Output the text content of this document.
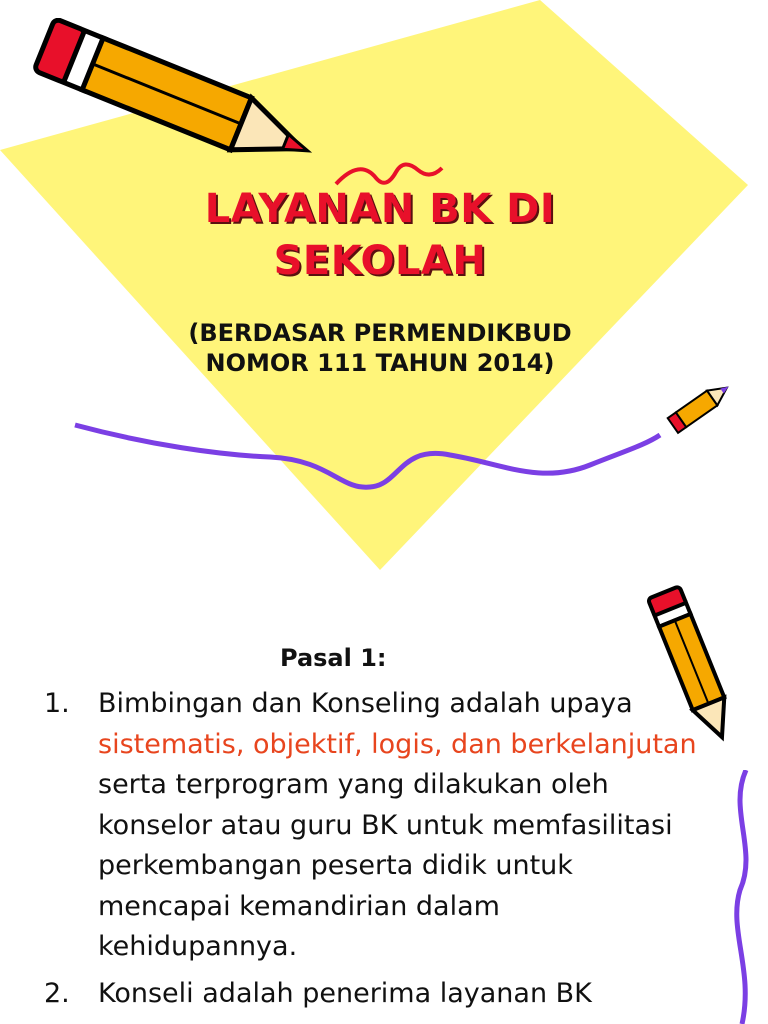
LAYANAN BK DI
SEKOLAH
(BERDASAR PERMENDIKBUD
NOMOR 111 TAHUN 2014)
Pasal 1:
1. Bimbingan dan Konseling adalah upaya sistematis, objektif, logis, dan berkelanjutan serta terprogram yang dilakukan oleh konselor atau guru BK untuk memfasilitasi perkembangan peserta didik untuk mencapai kemandirian dalam kehidupannya.
2. Konseli adalah penerima layanan BK
